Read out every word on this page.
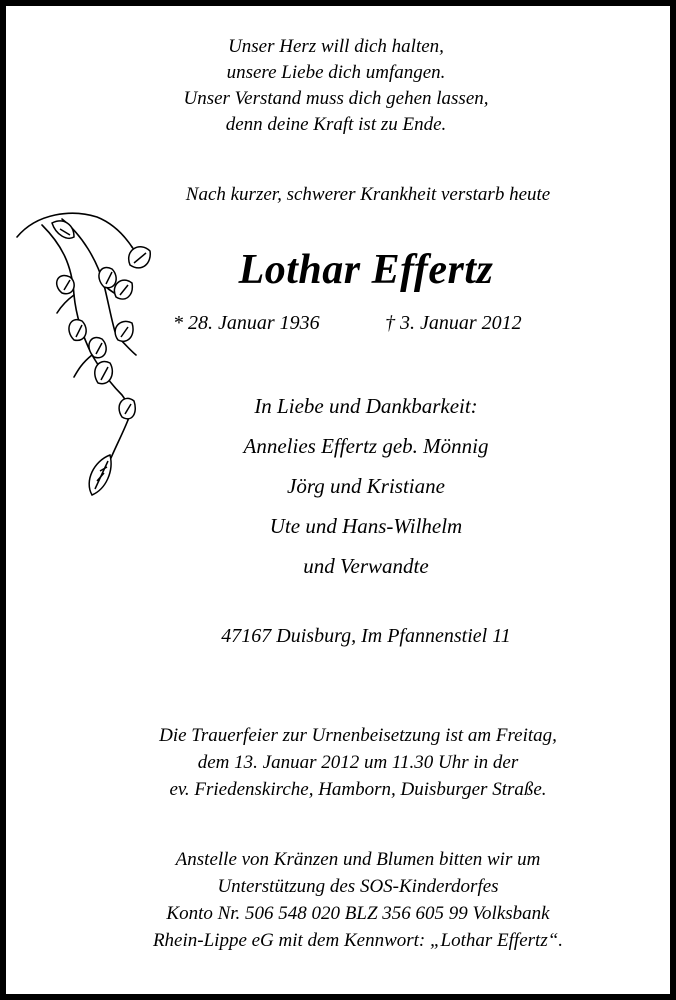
Unser Herz will dich halten,
unsere Liebe dich umfangen.
Unser Verstand muss dich gehen lassen,
denn deine Kraft ist zu Ende.
Nach kurzer, schwerer Krankheit verstarb heute
Lothar Effertz
* 28. Januar 1936	† 3. Januar 2012
In Liebe und Dankbarkeit:
Annelies Effertz geb. Mönnig
Jörg und Kristiane
Ute und Hans-Wilhelm
und Verwandte
47167 Duisburg, Im Pfannenstiel 11
Die Trauerfeier zur Urnenbeisetzung ist am Freitag,
dem 13. Januar 2012 um 11.30 Uhr in der
ev. Friedenskirche, Hamborn, Duisburger Straße.
Anstelle von Kränzen und Blumen bitten wir um
Unterstützung des SOS-Kinderdorfes
Konto Nr. 506 548 020 BLZ 356 605 99 Volksbank
Rhein-Lippe eG mit dem Kennwort: „Lothar Effertz“.
